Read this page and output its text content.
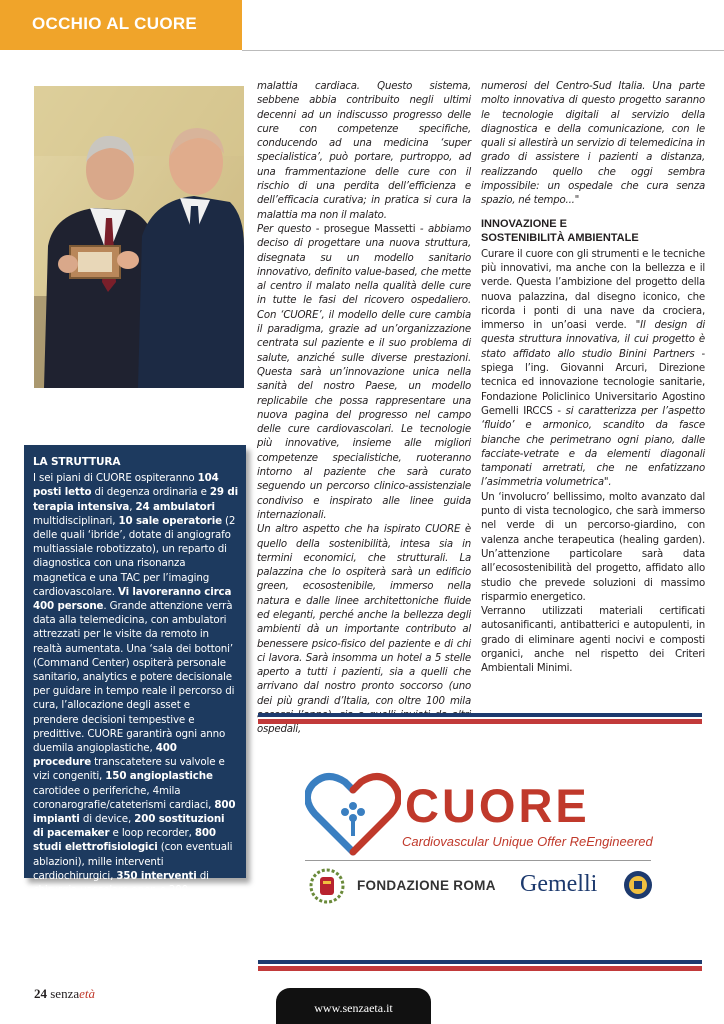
OCCHIO AL CUORE
LA STRUTTURA
I sei piani di CUORE ospiteranno 104 posti letto di degenza ordinaria e 29 di terapia intensiva, 24 ambulatori multidisciplinari, 10 sale operatorie (2 delle quali ‘ibride’, dotate di angiografo multiassiale robotizzato), un reparto di diagnostica con una risonanza magnetica e una TAC per l’imaging cardiovascolare. Vi lavoreranno circa 400 persone. Grande attenzione verrà data alla telemedicina, con ambulatori attrezzati per le visite da remoto in realtà aumentata. Una ‘sala dei bottoni’ (Command Center) ospiterà personale sanitario, analytics e potere decisionale per guidare in tempo reale il percorso di cura, l’allocazione degli asset e prendere decisioni tempestive e predittive. CUORE garantirà ogni anno duemila angioplastiche, 400 procedure transcatetere su valvole e vizi congeniti, 150 angioplastiche carotidee o periferiche, 4mila coronarografie/cateterismi cardiaci, 800 impianti di device, 200 sostituzioni di pacemaker e loop recorder, 800 studi elettrofisiologici (con eventuali ablazioni), mille interventi cardiochirurgici, 350 interventi di chirurgia vascolare open e 200 endovascolari.

malattia cardiaca. Questo sistema, sebbene abbia contribuito negli ultimi decenni ad un indiscusso progresso delle cure con competenze specifiche, conducendo ad una medicina ‘super specialistica’, può portare, purtroppo, ad una frammentazione delle cure con il rischio di una perdita dell’efficienza e dell’efficacia curativa; in pratica si cura la malattia ma non il malato.

Per questo - prosegue Massetti - abbiamo deciso di progettare una nuova struttura, disegnata su un modello sanitario innovativo, definito value-based, che mette al centro il malato nella qualità delle cure in tutte le fasi del ricovero ospedaliero. Con ‘CUORE’, il modello delle cure cambia il paradigma, grazie ad un’organizzazione centrata sul paziente e il suo problema di salute, anziché sulle diverse prestazioni. Questa sarà un’innovazione unica nella sanità del nostro Paese, un modello replicabile che possa rappresentare una nuova pagina del progresso nel campo delle cure cardiovascolari. Le tecnologie più innovative, insieme alle migliori competenze specialistiche, ruoteranno intorno al paziente che sarà curato seguendo un percorso clinico-assistenziale condiviso e inspirato alle linee guida internazionali.

Un altro aspetto che ha ispirato CUORE è quello della sostenibilità, intesa sia in termini economici, che strutturali. La palazzina che lo ospiterà sarà un edificio green, ecosostenibile, immerso nella natura e dalle linee architettoniche fluide ed eleganti, perché anche la bellezza degli ambienti dà un importante contributo al benessere psico-fisico del paziente e di chi ci lavora. Sarà insomma un hotel a 5 stelle aperto a tutti i pazienti, sia a quelli che arrivano dal nostro pronto soccorso (uno dei più grandi d’Italia, con oltre 100 mila ospedali,

numerosi del Centro-Sud Italia. Una parte molto innovativa di questo progetto saranno le tecnologie digitali al servizio della diagnostica e della comunicazione, con le quali si allestirà un servizio di telemedicina in grado di assistere i pazienti a distanza, realizzando quello che oggi sembra impossibile: un ospedale che cura senza spazio, né tempo..."

INNOVAZIONE E
SOSTENIBILITÀ AMBIENTALE

Curare il cuore con gli strumenti e le tecniche più innovativi, ma anche con la bellezza e il verde. Questa l’ambizione del progetto della nuova palazzina, dal disegno iconico, che ricorda i ponti di una nave da crociera, immerso in un’oasi verde. "Il design di questa struttura innovativa, il cui progetto è stato affidato allo studio Binini Partners - spiega l’ing. Giovanni Arcuri, Direzione tecnica ed innovazione tecnologie sanitarie, Fondazione Policlinico Universitario Agostino Gemelli IRCCS - si caratterizza per l’aspetto ‘fluido’ e armonico, scandito da fasce bianche che perimetrano ogni piano, dalle facciate-vetrate e da elementi diagonali tamponati arretrati, che ne enfatizzano l’asimmetria volumetrica".

Un ‘involucro’ bellissimo, molto avanzato dal punto di vista tecnologico, che sarà immerso nel verde di un percorso-giardino, con valenza anche terapeutica (healing garden). Un’attenzione particolare sarà data all’ecosostenibilità del progetto, affidato allo studio che prevede soluzioni di massimo risparmio energetico.

Verranno utilizzati materiali certificati autosanificanti, antibatterici e autopulenti, in grado di eliminare agenti nocivi e composti organici, anche nel rispetto dei Criteri Ambientali Minimi.

CUORE
Cardiovascular Unique Offer ReEngineered
FONDAZIONE ROMA Gemelli
24 senzaetà
www.senzaeta.it
